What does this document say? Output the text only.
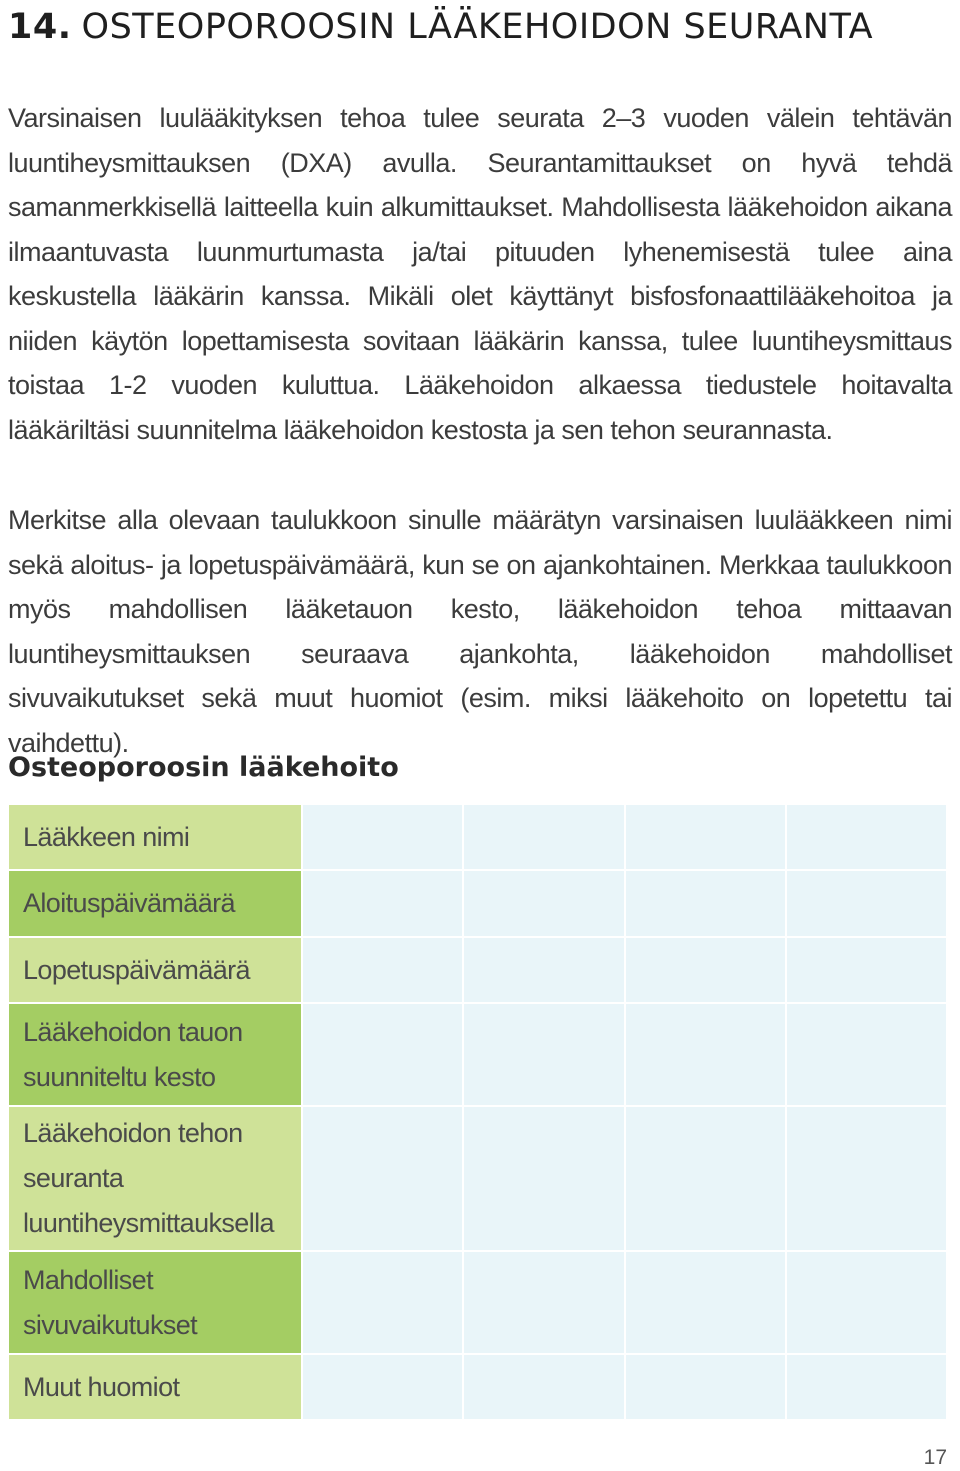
14. OSTEOPOROOSIN LÄÄKEHOIDON SEURANTA

Varsinaisen luulääkityksen tehoa tulee seurata 2–3 vuoden välein tehtävän luuntiheysmittauksen (DXA) avulla. Seurantamittaukset on hyvä tehdä samanmerkkisellä laitteella kuin alkumittaukset. Mahdollisesta lääkehoidon aikana ilmaantuvasta luunmurtumasta ja/tai pituuden lyhenemisestä tulee aina keskustella lääkärin kanssa. Mikäli olet käyttänyt bisfosfonaattilääkehoitoa ja niiden käytön lopettamisesta sovitaan lääkärin kanssa, tulee luuntiheysmittaus toistaa 1-2 vuoden kuluttua. Lääkehoidon alkaessa tiedustele hoitavalta lääkäriltäsi suunnitelma lääkehoidon kestosta ja sen tehon seurannasta.

Merkitse alla olevaan taulukkoon sinulle määrätyn varsinaisen luulääkkeen nimi sekä aloitus- ja lopetuspäivämäärä, kun se on ajankohtainen. Merkkaa taulukkoon myös mahdollisen lääketauon kesto, lääkehoidon tehoa mittaavan luuntiheysmittauksen seuraava ajankohta, lääkehoidon mahdolliset sivuvaikutukset sekä muut huomiot (esim. miksi lääkehoito on lopetettu tai vaihdettu).

Osteoporoosin lääkehoito
Lääkkeen nimi				
Aloituspäivämäärä				
Lopetuspäivämäärä				
Lääkehoidon tauon suunniteltu kesto				
Lääkehoidon tehon seuranta luuntiheysmittauksella				
Mahdolliset sivuvaikutukset				
Muut huomiot				
17
